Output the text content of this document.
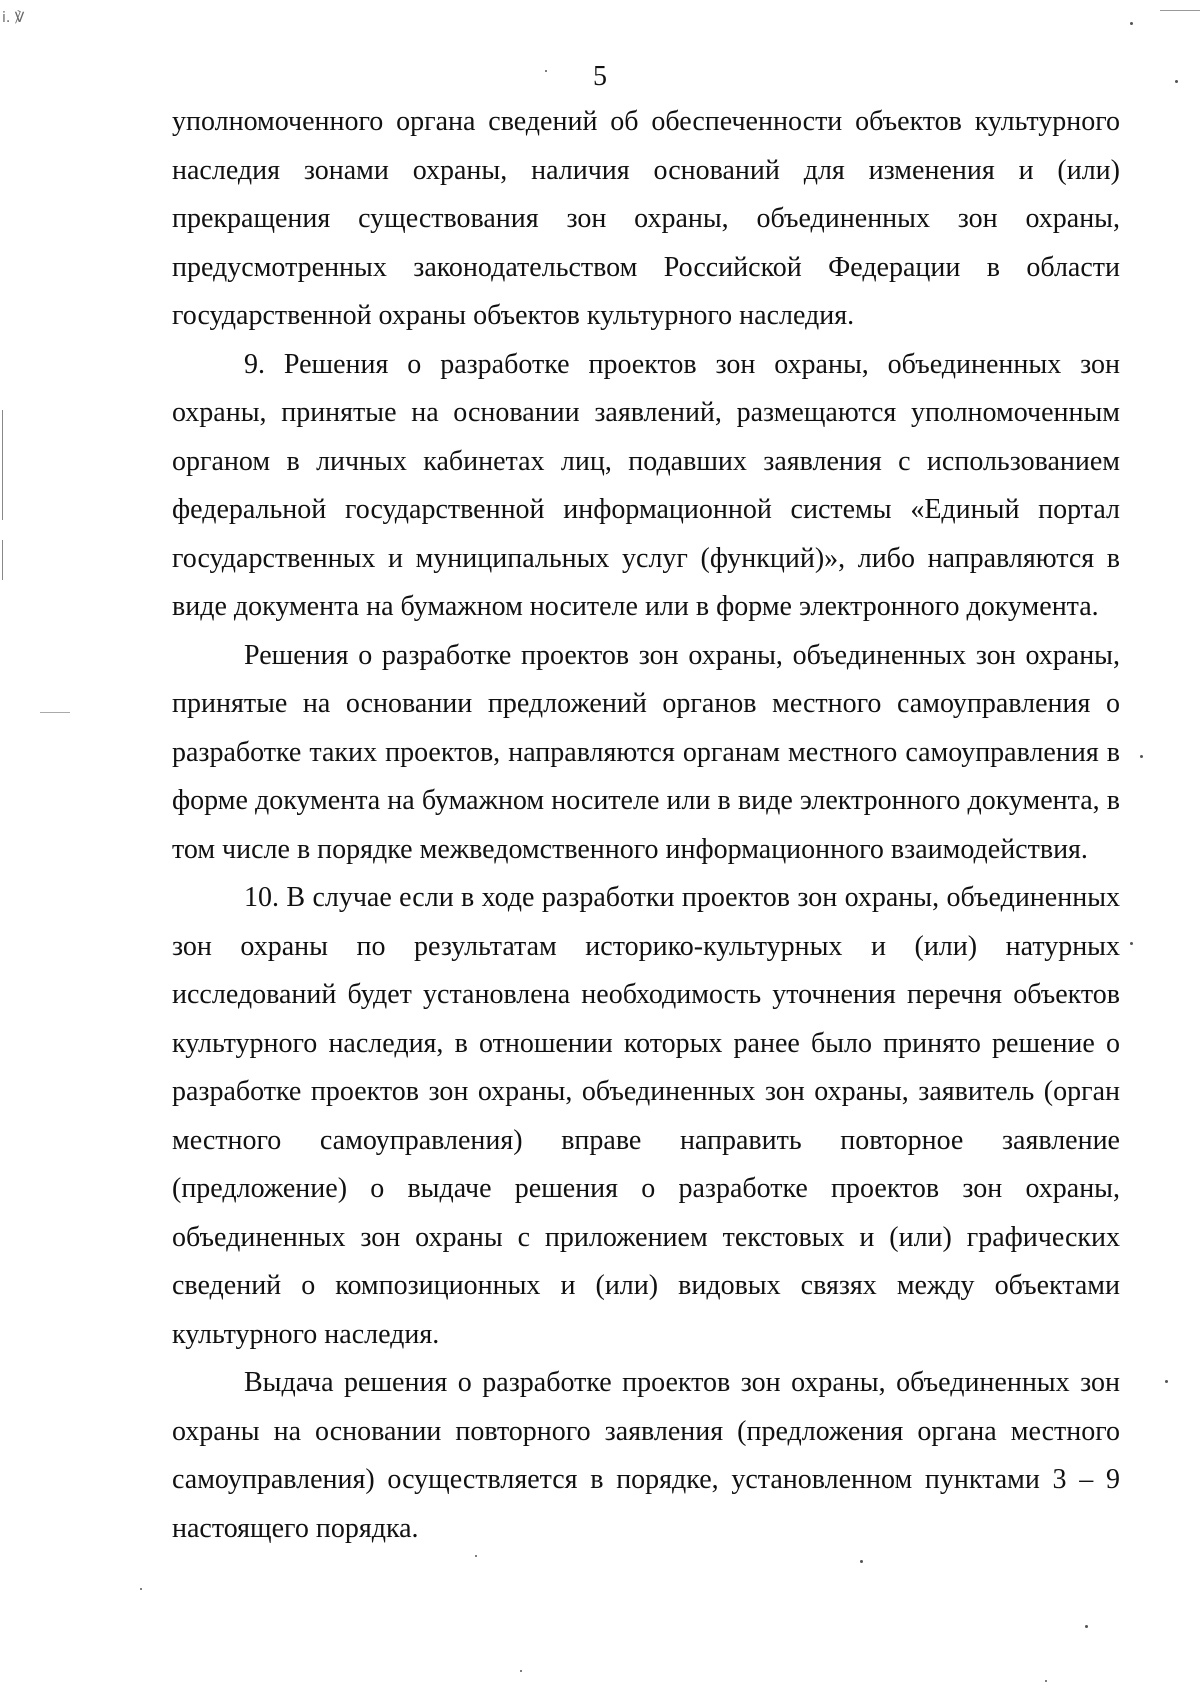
i. ℣
5

уполномоченного органа сведений об обеспеченности объектов культурного наследия зонами охраны, наличия оснований для изменения и (или) прекращения существования зон охраны, объединенных зон охраны, предусмотренных законодательством Российской Федерации в области государственной охраны объектов культурного наследия.

9. Решения о разработке проектов зон охраны, объединенных зон охраны, принятые на основании заявлений, размещаются уполномоченным органом в личных кабинетах лиц, подавших заявления с использованием федеральной государственной информационной системы «Единый портал государственных и муниципальных услуг (функций)», либо направляются в виде документа на бумажном носителе или в форме электронного документа.

Решения о разработке проектов зон охраны, объединенных зон охраны, принятые на основании предложений органов местного самоуправления о разработке таких проектов, направляются органам местного самоуправления в форме документа на бумажном носителе или в виде электронного документа, в том числе в порядке межведомственного информационного взаимодействия.

10. В случае если в ходе разработки проектов зон охраны, объединенных зон охраны по результатам историко-культурных и (или) натурных исследований будет установлена необходимость уточнения перечня объектов культурного наследия, в отношении которых ранее было принято решение о разработке проектов зон охраны, объединенных зон охраны, заявитель (орган местного самоуправления) вправе направить повторное заявление (предложение) о выдаче решения о разработке проектов зон охраны, объединенных зон охраны с приложением текстовых и (или) графических сведений о композиционных и (или) видовых связях между объектами культурного наследия.

Выдача решения о разработке проектов зон охраны, объединенных зон охраны на основании повторного заявления (предложения органа местного самоуправления) осуществляется в порядке, установленном пунктами 3 – 9 настоящего порядка.
